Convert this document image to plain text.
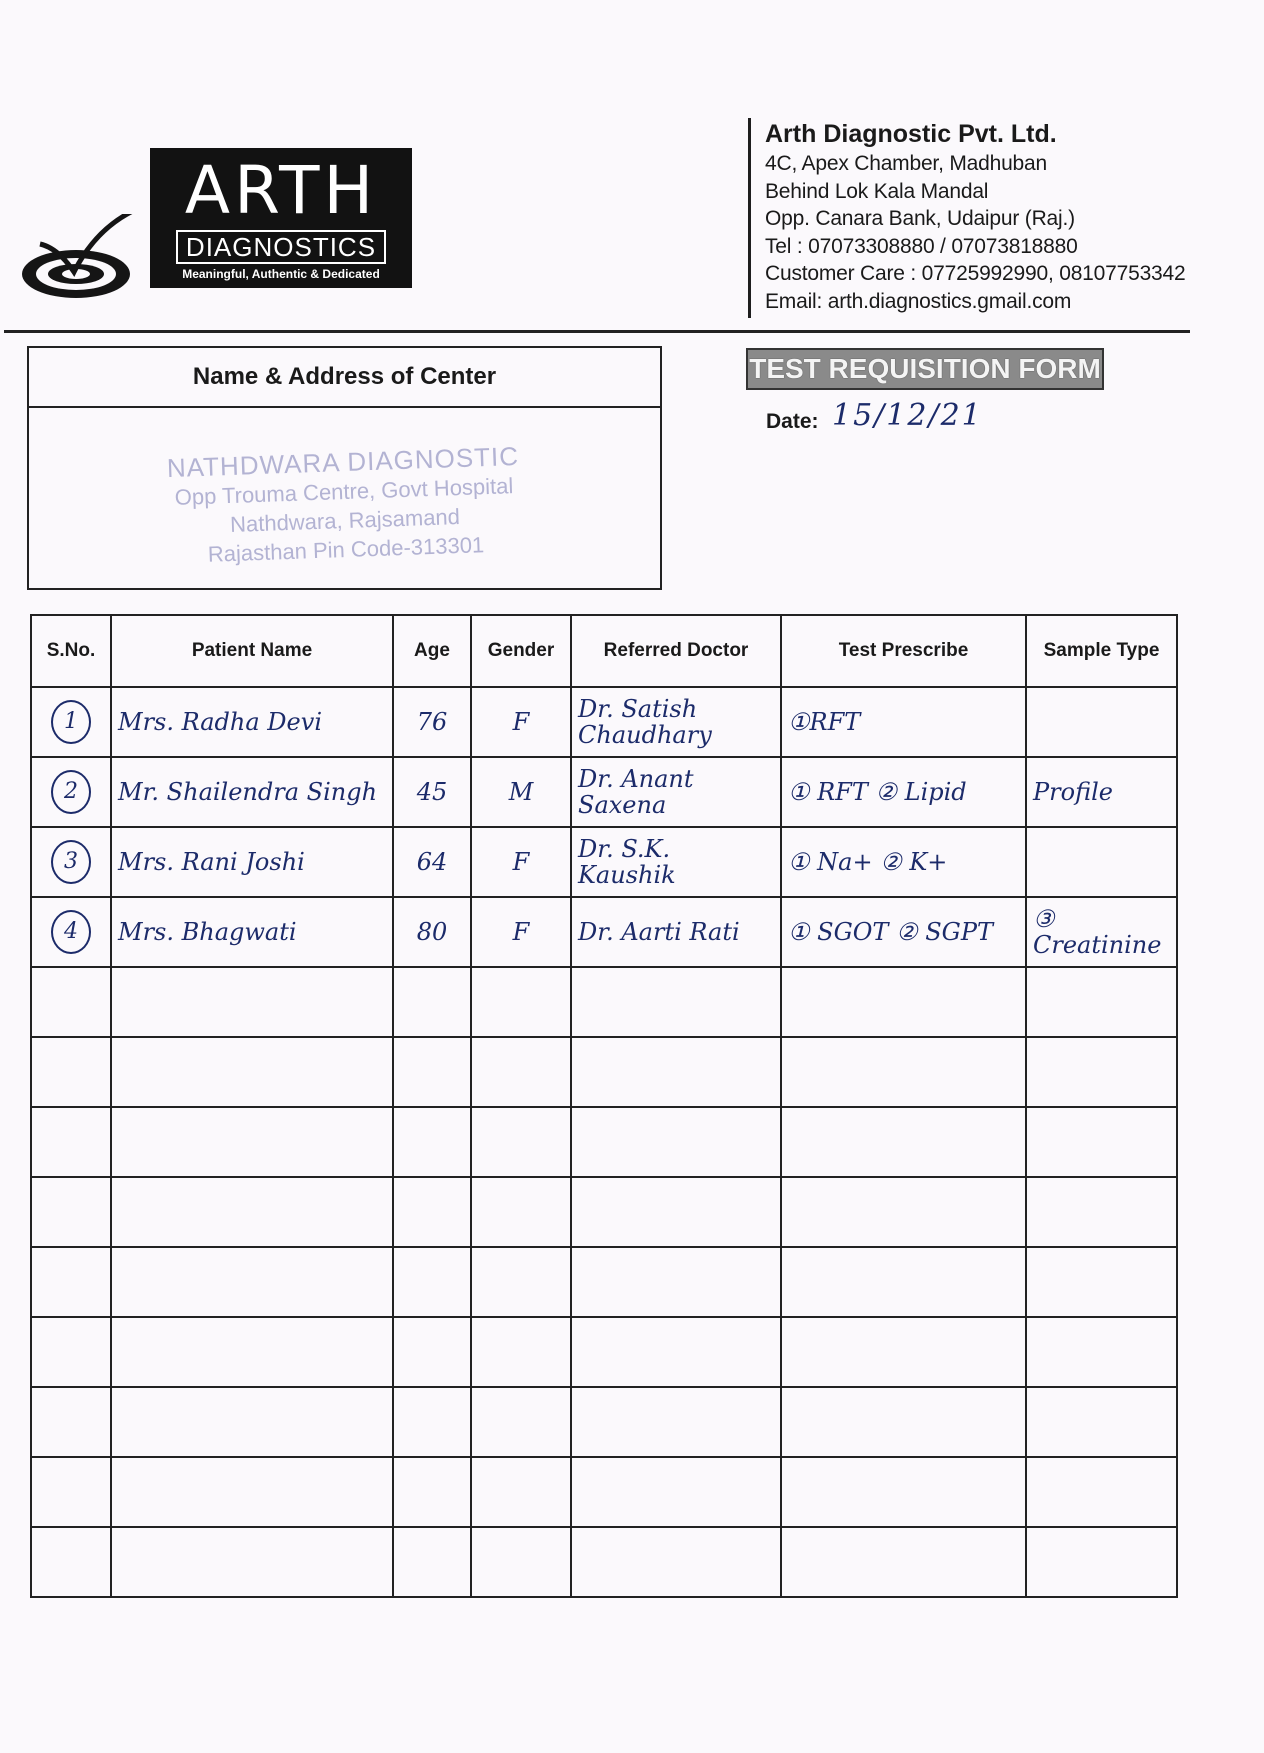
ARTH
DIAGNOSTICS
Meaningful, Authentic & Dedicated
Arth Diagnostic Pvt. Ltd.
4C, Apex Chamber, Madhuban
Behind Lok Kala Mandal
Opp. Canara Bank, Udaipur (Raj.)
Tel : 07073308880 / 07073818880
Customer Care : 07725992990, 08107753342
Email: arth.diagnostics.gmail.com
Name & Address of Center
NATHDWARA DIAGNOSTIC
Opp Trouma Centre, Govt Hospital
Nathdwara, Rajsamand
Rajasthan Pin Code-313301
TEST REQUISITION FORM
Date: 15/12/21
S.No.	Patient Name	Age	Gender	Referred Doctor	Test Prescribe	Sample Type
1	Mrs. Radha Devi	76	F	Dr. Satish Chaudhary	①RFT	
2	Mr. Shailendra Singh	45	M	Dr. Anant Saxena	① RFT ② Lipid	Profile
3	Mrs. Rani Joshi	64	F	Dr. S.K. Kaushik	① Na+ ② K+	
4	Mrs. Bhagwati	80	F	Dr. Aarti Rati	① SGOT ② SGPT	③ Creatinine
